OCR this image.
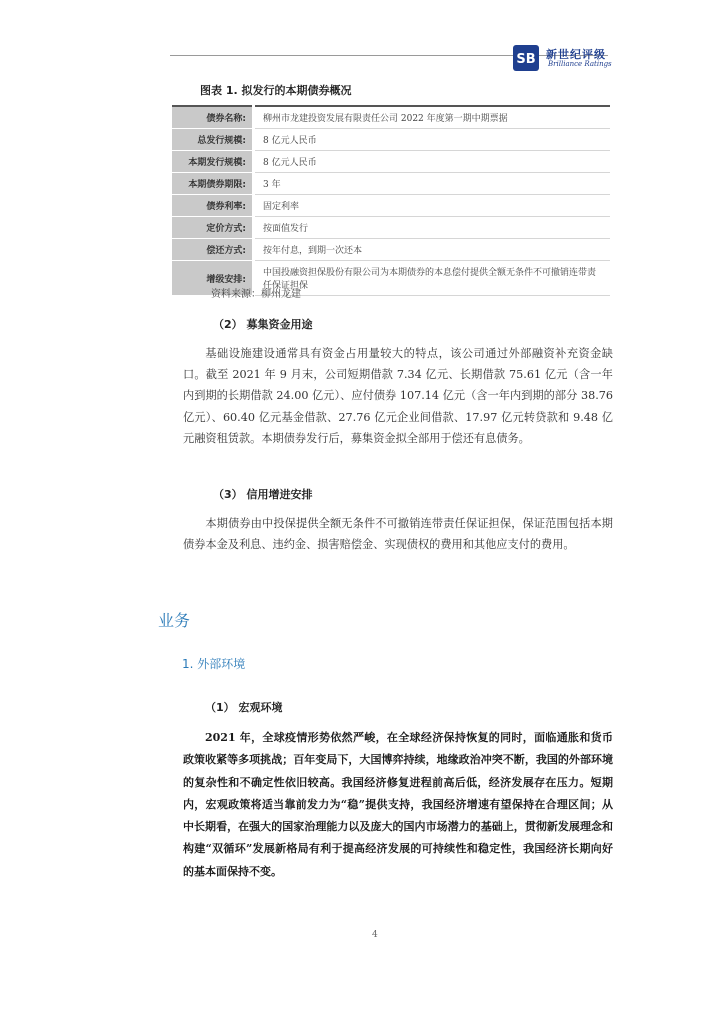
SB 新世纪评级
Brilliance Ratings
图表 1. 拟发行的本期债券概况
债券名称:	柳州市龙建投资发展有限责任公司 2022 年度第一期中期票据
总发行规模:	8 亿元人民币
本期发行规模:	8 亿元人民币
本期债券期限:	3 年
债券利率:	固定利率
定价方式:	按面值发行
偿还方式:	按年付息，到期一次还本
增级安排:	中国投融资担保股份有限公司为本期债券的本息偿付提供全额无条件不可撤销连带责任保证担保
资料来源：柳州龙建
（2） 募集资金用途

基础设施建设通常具有资金占用量较大的特点，该公司通过外部融资补充资金缺口。截至 2021 年 9 月末，公司短期借款 7.34 亿元、长期借款 75.61 亿元（含一年内到期的长期借款 24.00 亿元）、应付债券 107.14 亿元（含一年内到期的部分 38.76 亿元）、60.40 亿元基金借款、27.76 亿元企业间借款、17.97 亿元转贷款和 9.48 亿元融资租赁款。本期债券发行后，募集资金拟全部用于偿还有息债务。

（3） 信用增进安排

本期债券由中投保提供全额无条件不可撤销连带责任保证担保，保证范围包括本期债券本金及利息、违约金、损害赔偿金、实现债权的费用和其他应支付的费用。

业务
1. 外部环境
（1） 宏观环境

2021 年，全球疫情形势依然严峻，在全球经济保持恢复的同时，面临通胀和货币政策收紧等多项挑战；百年变局下，大国博弈持续，地缘政治冲突不断，我国的外部环境的复杂性和不确定性依旧较高。我国经济修复进程前高后低，经济发展存在压力。短期内，宏观政策将适当靠前发力为“稳”提供支持，我国经济增速有望保持在合理区间；从中长期看，在强大的国家治理能力以及庞大的国内市场潜力的基础上，贯彻新发展理念和构建“双循环”发展新格局有利于提高经济发展的可持续性和稳定性，我国经济长期向好的基本面保持不变。

4
